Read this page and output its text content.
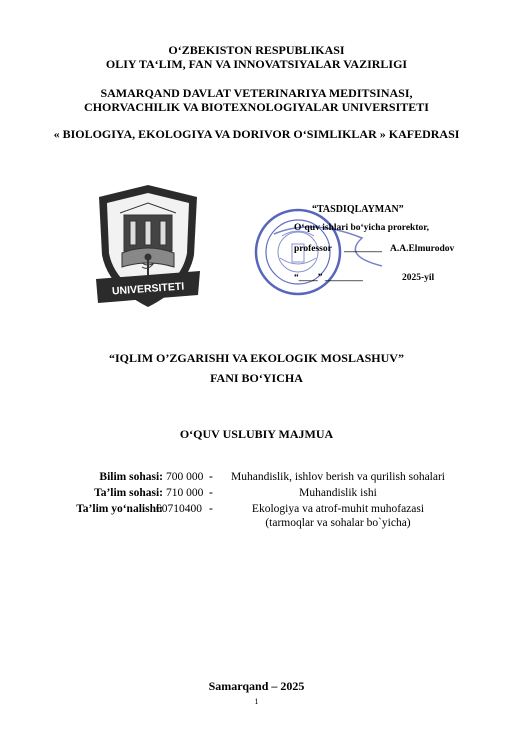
O‘ZBEKISTON RESPUBLIKASI
OLIY TA‘LIM, FAN VA INNOVATSIYALAR VAZIRLIGI
SAMARQAND DAVLAT VETERINARIYA MEDITSINASI,
CHORVACHILIK VA BIOTEXNOLOGIYALAR UNIVERSITETI
« BIOLOGIYA, EKOLOGIYA VA DORIVOR O‘SIMLIKLAR » KAFEDRASI
UNIVERSITETI
“TASDIQLAYMAN”
O‘quv ishlari bo‘yicha prorektor,
professor ________ A.A.Elmurodov
“____” ________	2025-yil
“IQLIM O’ZGARISHI VA EKOLOGIK MOSLASHUV”
FANI BO‘YICHA
O‘QUV USLUBIY MAJMUA
Bilim sohasi: 700 000 -	Muhandislik, ishlov berish va qurilish sohalari
Ta’lim sohasi: 710 000 -	Muhandislik ishi
Ta’lim yo‘nalishi:
60710400 -	Ekologiya va atrof-muhit muhofazasi
(tarmoqlar va sohalar bo`yicha)
Samarqand – 2025
1
